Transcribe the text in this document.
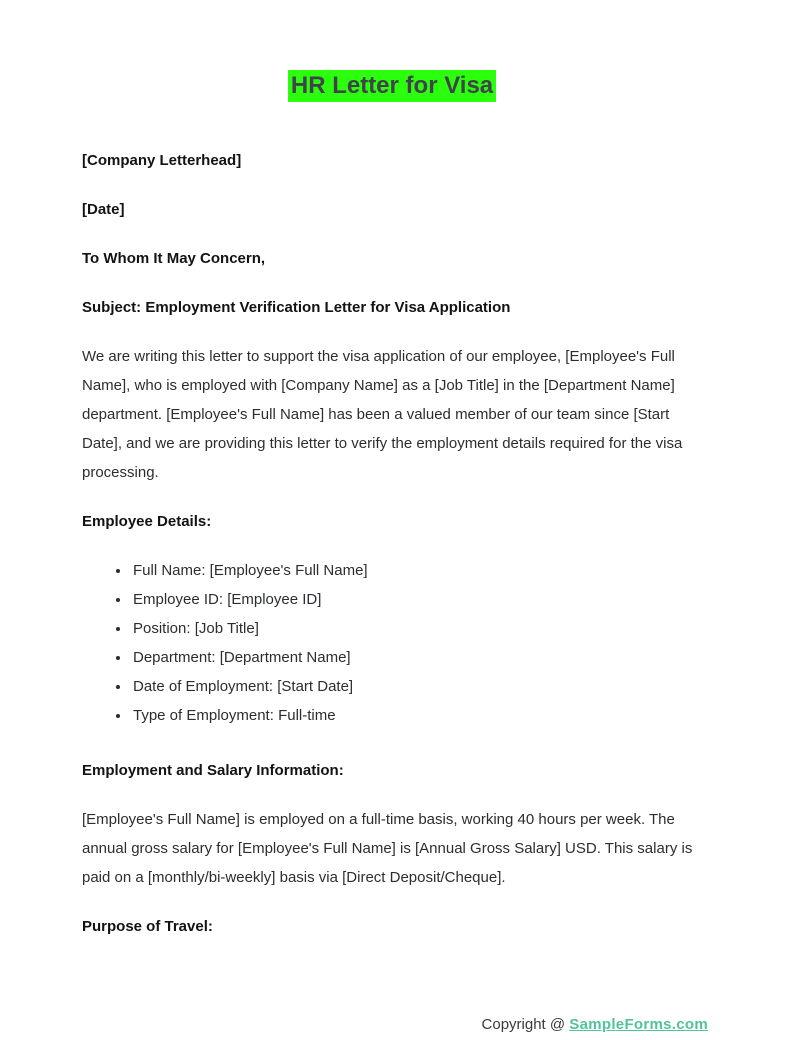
HR Letter for Visa

[Company Letterhead]

[Date]

To Whom It May Concern,

Subject: Employment Verification Letter for Visa Application

We are writing this letter to support the visa application of our employee, [Employee's Full Name], who is employed with [Company Name] as a [Job Title] in the [Department Name] department. [Employee's Full Name] has been a valued member of our team since [Start Date], and we are providing this letter to verify the employment details required for the visa processing.

Employee Details:

• Full Name: [Employee's Full Name]
• Employee ID: [Employee ID]
• Position: [Job Title]
• Department: [Department Name]
• Date of Employment: [Start Date]
• Type of Employment: Full-time

Employment and Salary Information:

[Employee's Full Name] is employed on a full-time basis, working 40 hours per week. The annual gross salary for [Employee's Full Name] is [Annual Gross Salary] USD. This salary is paid on a [monthly/bi-weekly] basis via [Direct Deposit/Cheque].

Purpose of Travel:

Copyright @ SampleForms.com
